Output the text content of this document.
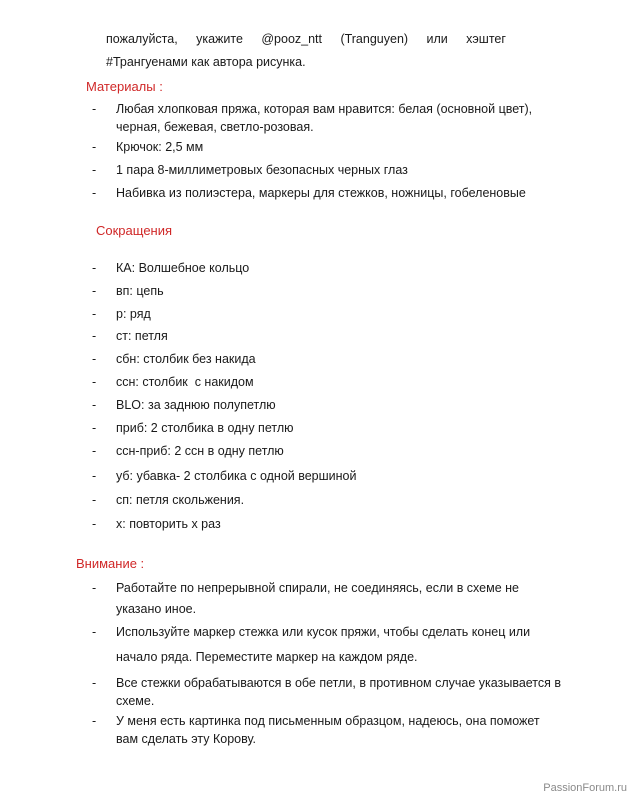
пожалуйста, укажите @pooz_ntt (Tranguyen) или хэштег
#Трангуенами как автора рисунка.
Материалы :
- Любая хлопковая пряжа, которая вам нравится: белая (основной цвет), черная, бежевая, светло-розовая.
- Крючок: 2,5 мм
- 1 пара 8-миллиметровых безопасных черных глаз
- Набивка из полиэстера, маркеры для стежков, ножницы, гобеленовые
Сокращения
- КА: Волшебное кольцо
- вп: цепь
- р: ряд
- ст: петля
- сбн: столбик без накида
- ссн: столбик  с накидом
- BLO: за заднюю полупетлю
- приб: 2 столбика в одну петлю
- ссн-приб: 2 ссн в одну петлю
- уб: убавка- 2 столбика с одной вершиной
- сп: петля скольжения.
- х: повторить х раз
Внимание :
- Работайте по непрерывной спирали, не соединяясь, если в схеме не указано иное.
- Используйте маркер стежка или кусок пряжи, чтобы сделать конец или
начало ряда. Переместите маркер на каждом ряде.
- Все стежки обрабатываются в обе петли, в противном случае указывается в схеме.
- У меня есть картинка под письменным образцом, надеюсь, она поможет вам сделать эту Корову.
PassionForum.ru
